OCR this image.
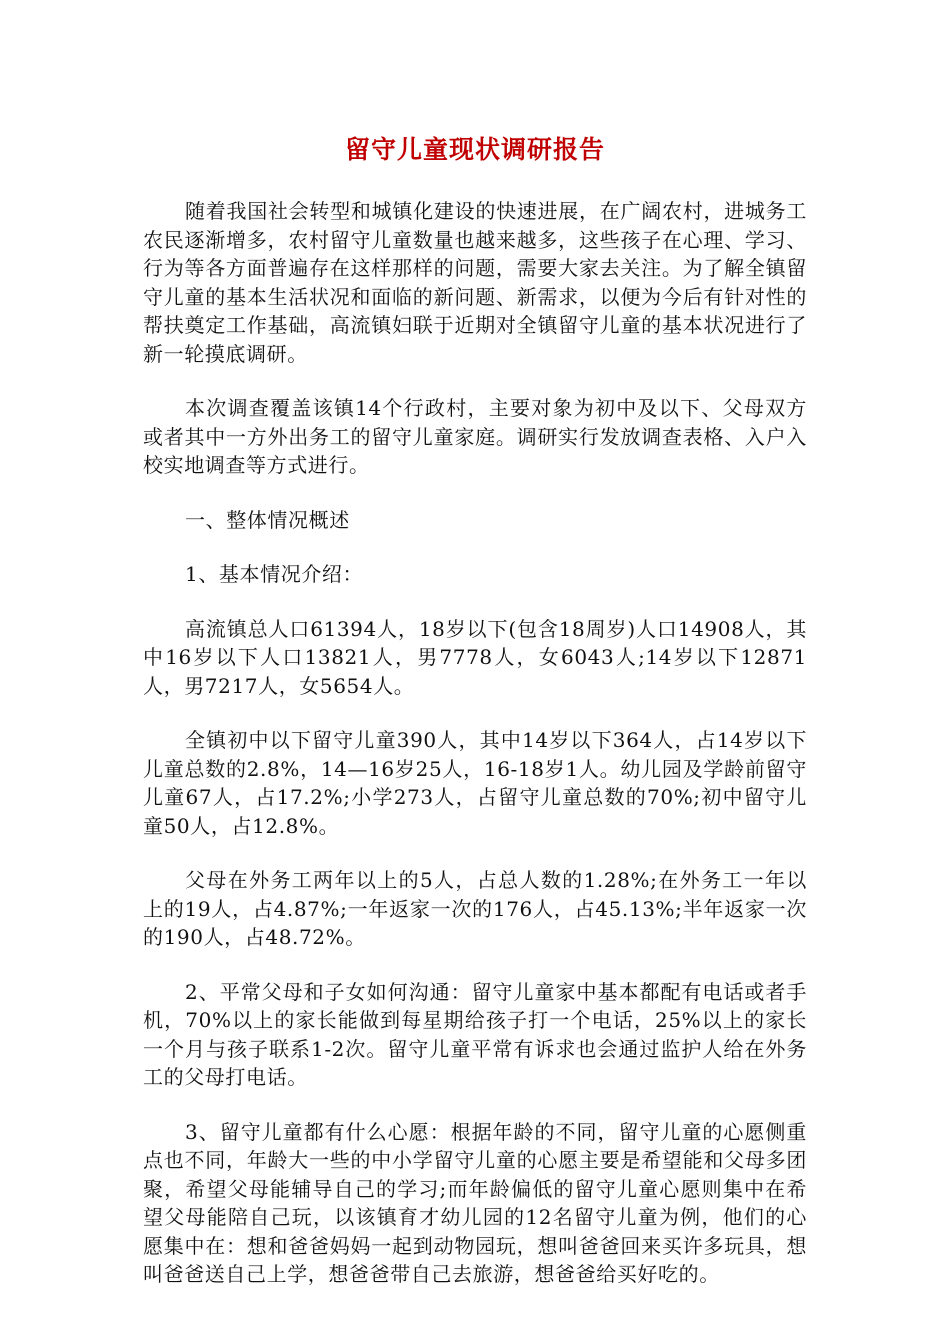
留守儿童现状调研报告

随着我国社会转型和城镇化建设的快速进展，在广阔农村，进城务工农民逐渐增多，农村留守儿童数量也越来越多，这些孩子在心理、学习、行为等各方面普遍存在这样那样的问题，需要大家去关注。为了解全镇留守儿童的基本生活状况和面临的新问题、新需求，以便为今后有针对性的帮扶奠定工作基础，高流镇妇联于近期对全镇留守儿童的基本状况进行了新一轮摸底调研。

本次调查覆盖该镇14个行政村，主要对象为初中及以下、父母双方或者其中一方外出务工的留守儿童家庭。调研实行发放调查表格、入户入校实地调查等方式进行。

一、整体情况概述

1、基本情况介绍：

高流镇总人口61394人，18岁以下(包含18周岁)人口14908人，其中16岁以下人口13821人，男7778人，女6043人;14岁以下12871人，男7217人，女5654人。

全镇初中以下留守儿童390人，其中14岁以下364人，占14岁以下儿童总数的2.8%，14—16岁25人，16-18岁1人。幼儿园及学龄前留守儿童67人，占17.2%;小学273人，占留守儿童总数的70%;初中留守儿童50人，占12.8%。

父母在外务工两年以上的5人，占总人数的1.28%;在外务工一年以上的19人，占4.87%;一年返家一次的176人，占45.13%;半年返家一次的190人，占48.72%。

2、平常父母和子女如何沟通：留守儿童家中基本都配有电话或者手机，70%以上的家长能做到每星期给孩子打一个电话，25%以上的家长一个月与孩子联系1-2次。留守儿童平常有诉求也会通过监护人给在外务工的父母打电话。

3、留守儿童都有什么心愿：根据年龄的不同，留守儿童的心愿侧重点也不同，年龄大一些的中小学留守儿童的心愿主要是希望能和父母多团聚，希望父母能辅导自己的学习;而年龄偏低的留守儿童心愿则集中在希望父母能陪自己玩，以该镇育才幼儿园的12名留守儿童为例，他们的心愿集中在：想和爸爸妈妈一起到动物园玩，想叫爸爸回来买许多玩具，想叫爸爸送自己上学，想爸爸带自己去旅游，想爸爸给买好吃的。
